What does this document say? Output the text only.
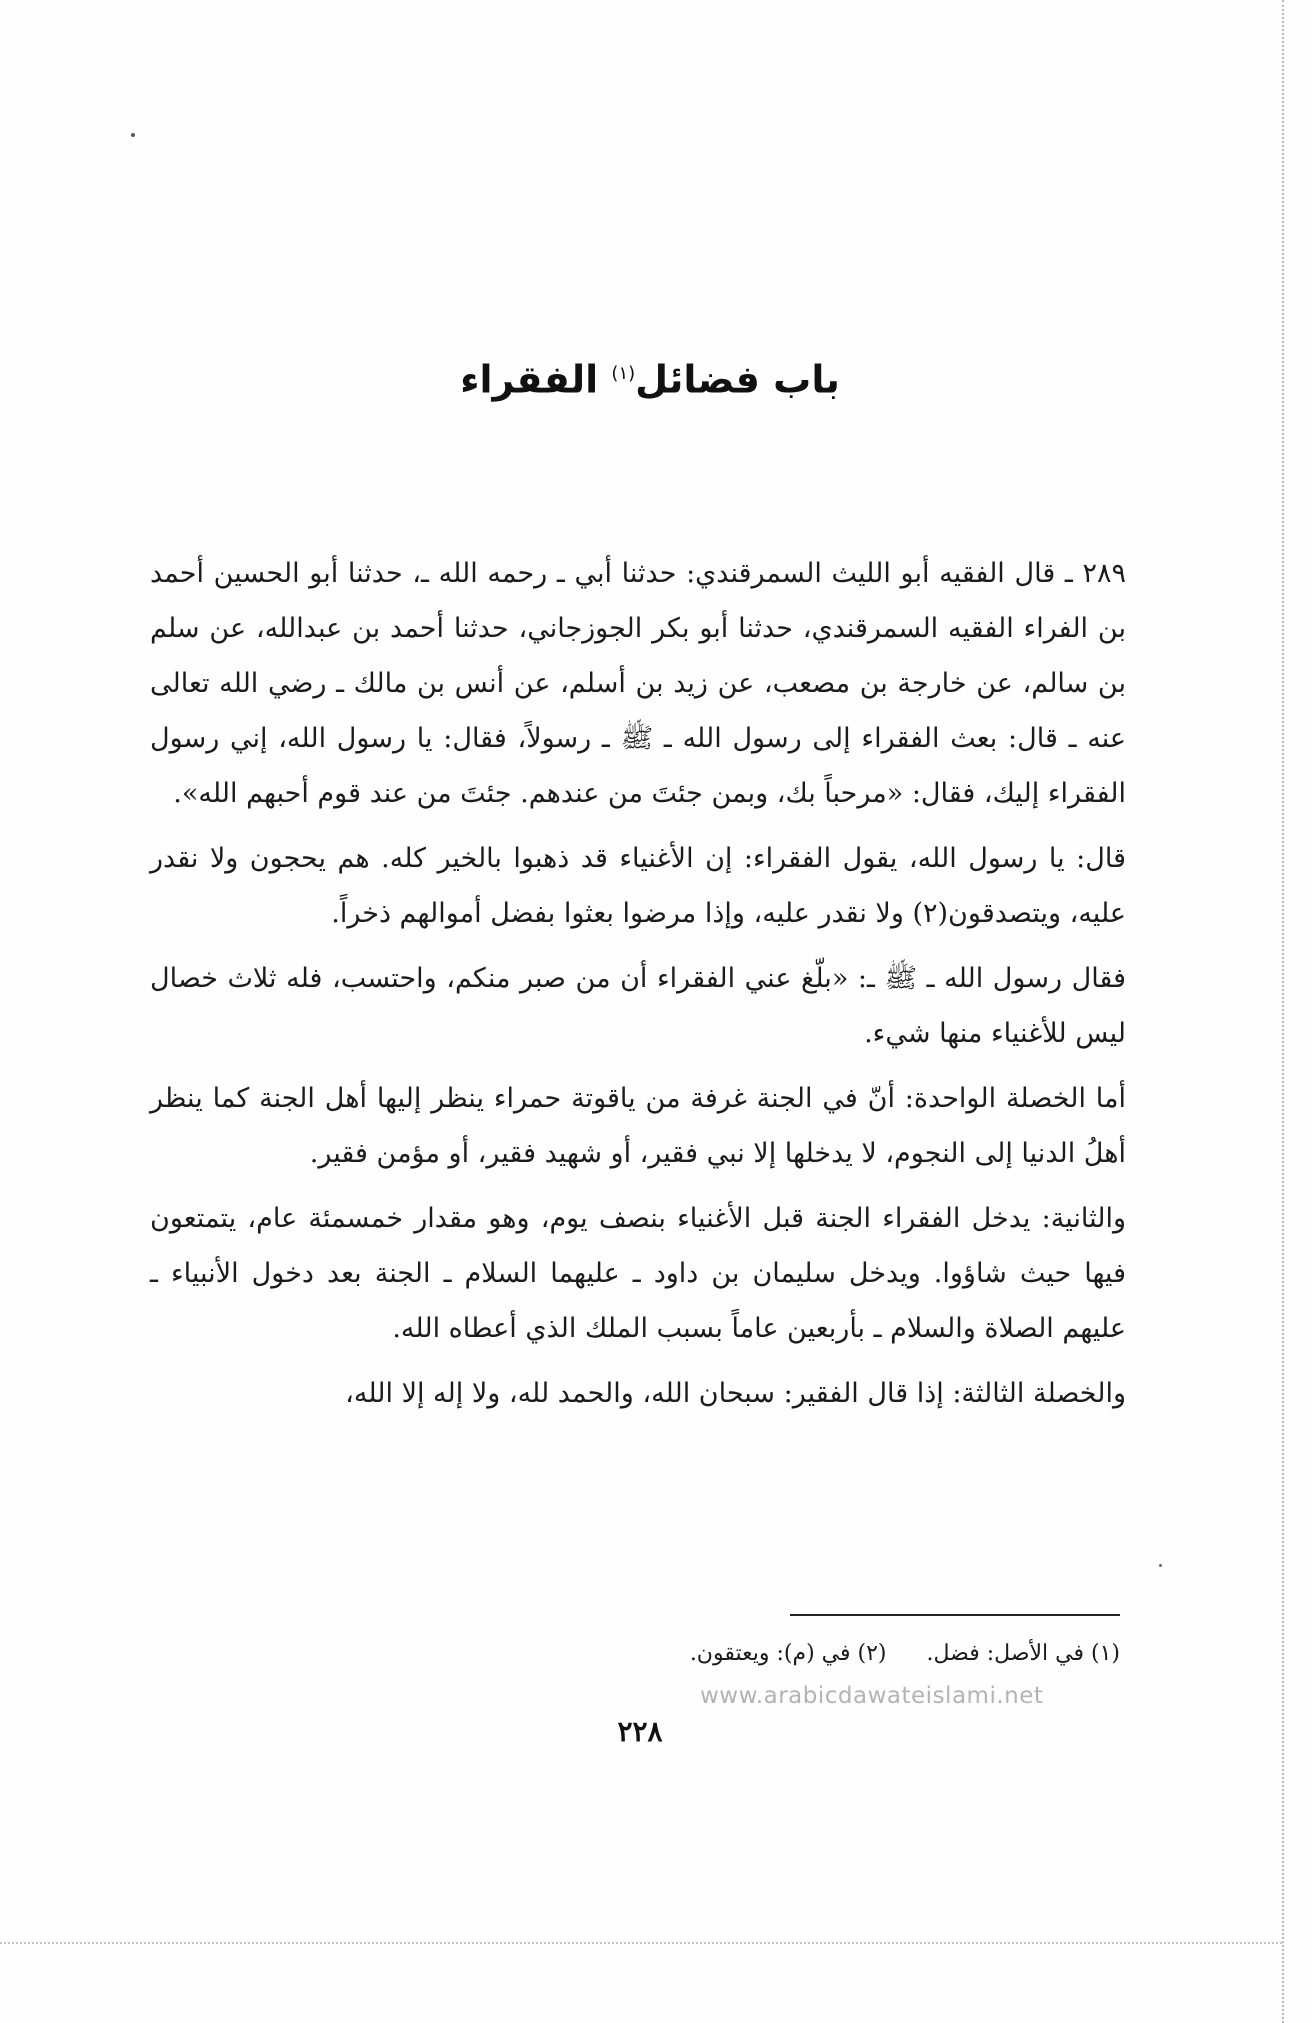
باب فضائل$^{(١)}$ الفقراء

٢٨٩ ـ قال الفقيه أبو الليث السمرقندي: حدثنا أبي ـ رحمه الله ـ، حدثنا أبو الحسين أحمد بن الفراء الفقيه السمرقندي، حدثنا أبو بكر الجوزجاني، حدثنا أحمد بن عبدالله، عن سلم بن سالم، عن خارجة بن مصعب، عن زيد بن أسلم، عن أنس بن مالك ـ رضي الله تعالى عنه ـ قال: بعث الفقراء إلى رسول الله ـ ﷺ ـ رسولاً، فقال: يا رسول الله، إني رسول الفقراء إليك، فقال: «مرحباً بك، وبمن جئتَ من عندهم. جئتَ من عند قوم أحبهم الله».

قال: يا رسول الله، يقول الفقراء: إن الأغنياء قد ذهبوا بالخير كله. هم يحجون ولا نقدر عليه، ويتصدقون(٢) ولا نقدر عليه، وإذا مرضوا بعثوا بفضل أموالهم ذخراً.

فقال رسول الله ـ ﷺ ـ: «بلّغ عني الفقراء أن من صبر منكم، واحتسب، فله ثلاث خصال ليس للأغنياء منها شيء.

أما الخصلة الواحدة: أنّ في الجنة غرفة من ياقوتة حمراء ينظر إليها أهل الجنة كما ينظر أهلُ الدنيا إلى النجوم، لا يدخلها إلا نبي فقير، أو شهيد فقير، أو مؤمن فقير.

والثانية: يدخل الفقراء الجنة قبل الأغنياء بنصف يوم، وهو مقدار خمسمئة عام، يتمتعون فيها حيث شاؤوا. ويدخل سليمان بن داود ـ عليهما السلام ـ الجنة بعد دخول الأنبياء ـ عليهم الصلاة والسلام ـ بأربعين عاماً بسبب الملك الذي أعطاه الله.

والخصلة الثالثة: إذا قال الفقير: سبحان الله، والحمد لله، ولا إله إلا الله،

(١) في الأصل: فضل.(٢) في (م): ويعتقون.
www.arabicdawateislami.net
٢٢٨
